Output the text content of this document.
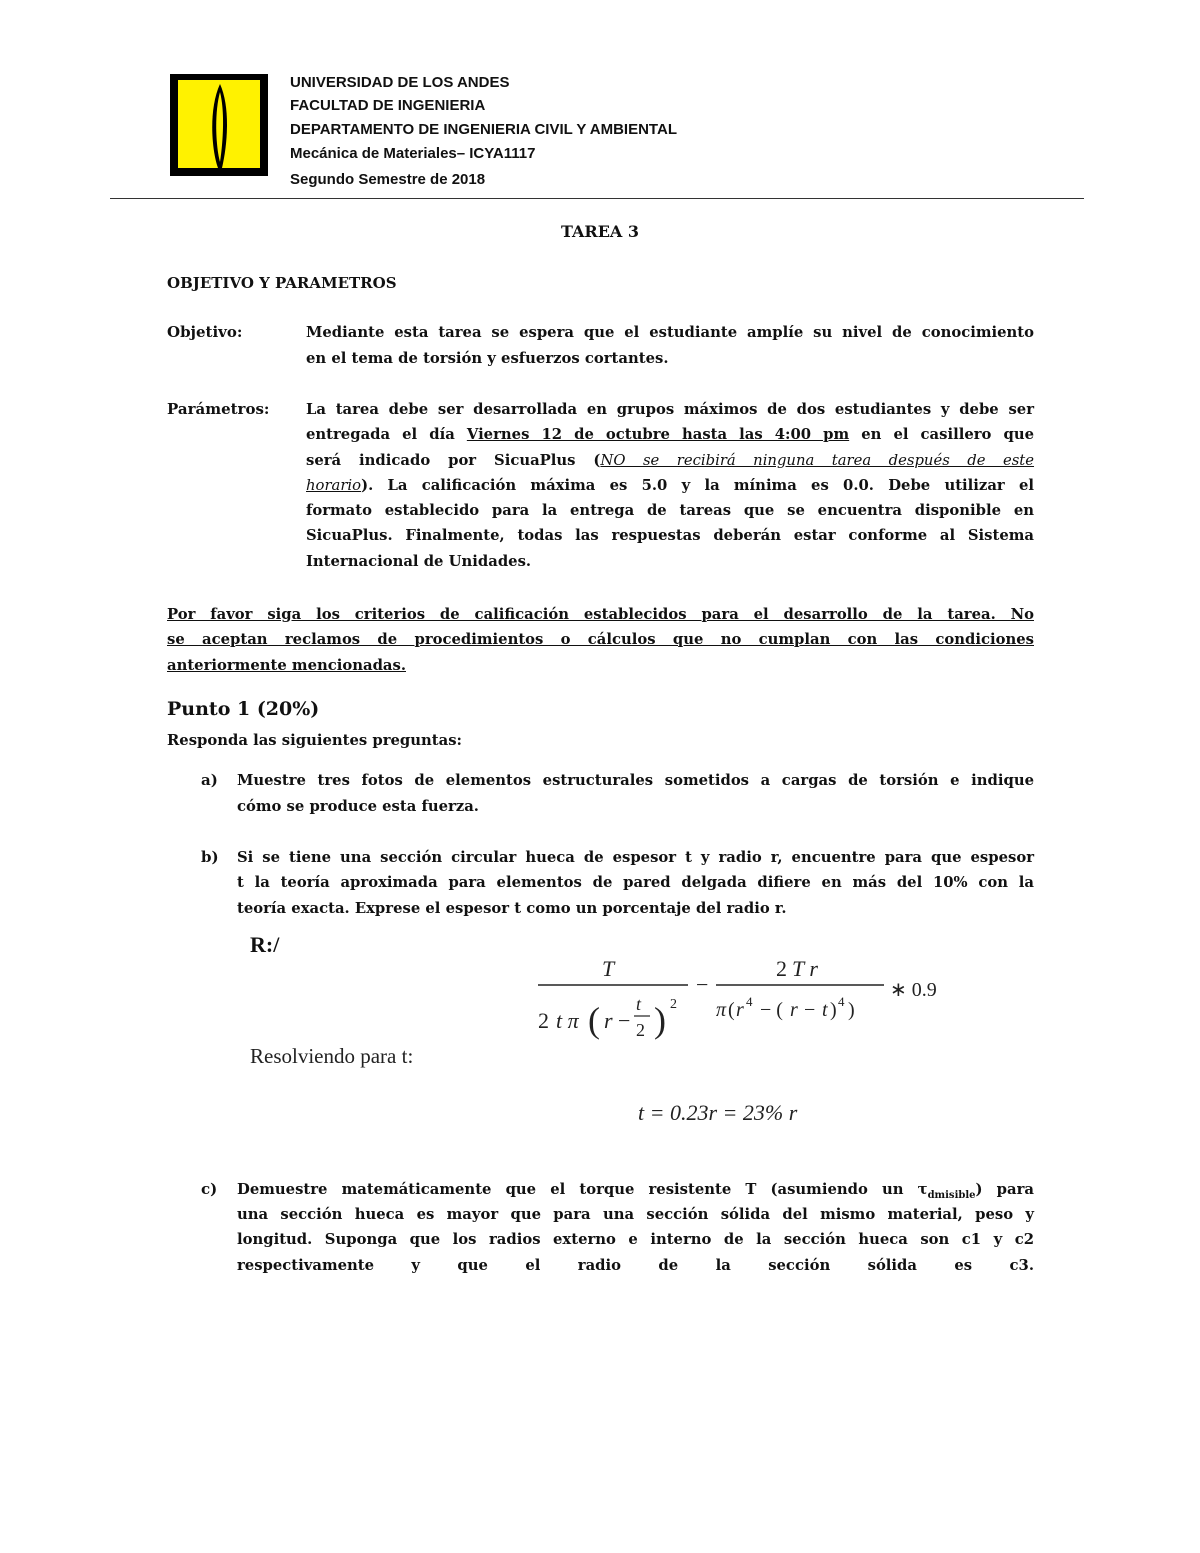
UNIVERSIDAD DE LOS ANDES
FACULTAD DE INGENIERIA
DEPARTAMENTO DE INGENIERIA CIVIL Y AMBIENTAL
Mecánica de Materiales– ICYA1117
Segundo Semestre de 2018
TAREA 3
OBJETIVO Y PARAMETROS
Objetivo:	Mediante esta tarea se espera que el estudiante amplíe su nivel de conocimiento
en el tema de torsión y esfuerzos cortantes.
Parámetros: La tarea debe ser desarrollada en grupos máximos de dos estudiantes y debe ser
entregada el día Viernes 12 de octubre hasta las 4:00 pm en el casillero que
será indicado por SicuaPlus (NO se recibirá ninguna tarea después de este
horario). La calificación máxima es 5.0 y la mínima es 0.0. Debe utilizar el
formato establecido para la entrega de tareas que se encuentra disponible en
SicuaPlus. Finalmente, todas las respuestas deberán estar conforme al Sistema
Internacional de Unidades.
Por favor siga los criterios de calificación establecidos para el desarrollo de la tarea. No
se aceptan reclamos de procedimientos o cálculos que no cumplan con las condiciones
anteriormente mencionadas.
Punto 1 (20%)
Responda las siguientes preguntas:
a) Muestre tres fotos de elementos estructurales sometidos a cargas de torsión e indique
cómo se produce esta fuerza.
b) Si se tiene una sección circular hueca de espesor t y radio r, encuentre para que espesor
t la teoría aproximada para elementos de pared delgada difiere en más del 10% con la
teoría exacta. Exprese el espesor t como un porcentaje del radio r.
R:/
T
2 t π ( r −
t
2 ) 2
−
2 T r
π ( r 4 − ( r − t ) 4 )
∗ 0.9
Resolviendo para t:
t = 0.23r = 23% r
c) Demuestre matemáticamente que el torque resistente T (asumiendo un $\tau_{dmisible}$) para
una sección hueca es mayor que para una sección sólida del mismo material, peso y
longitud. Suponga que los radios externo e interno de la sección hueca son c1 y c2
respectivamente y que el radio de la sección sólida es c3.
